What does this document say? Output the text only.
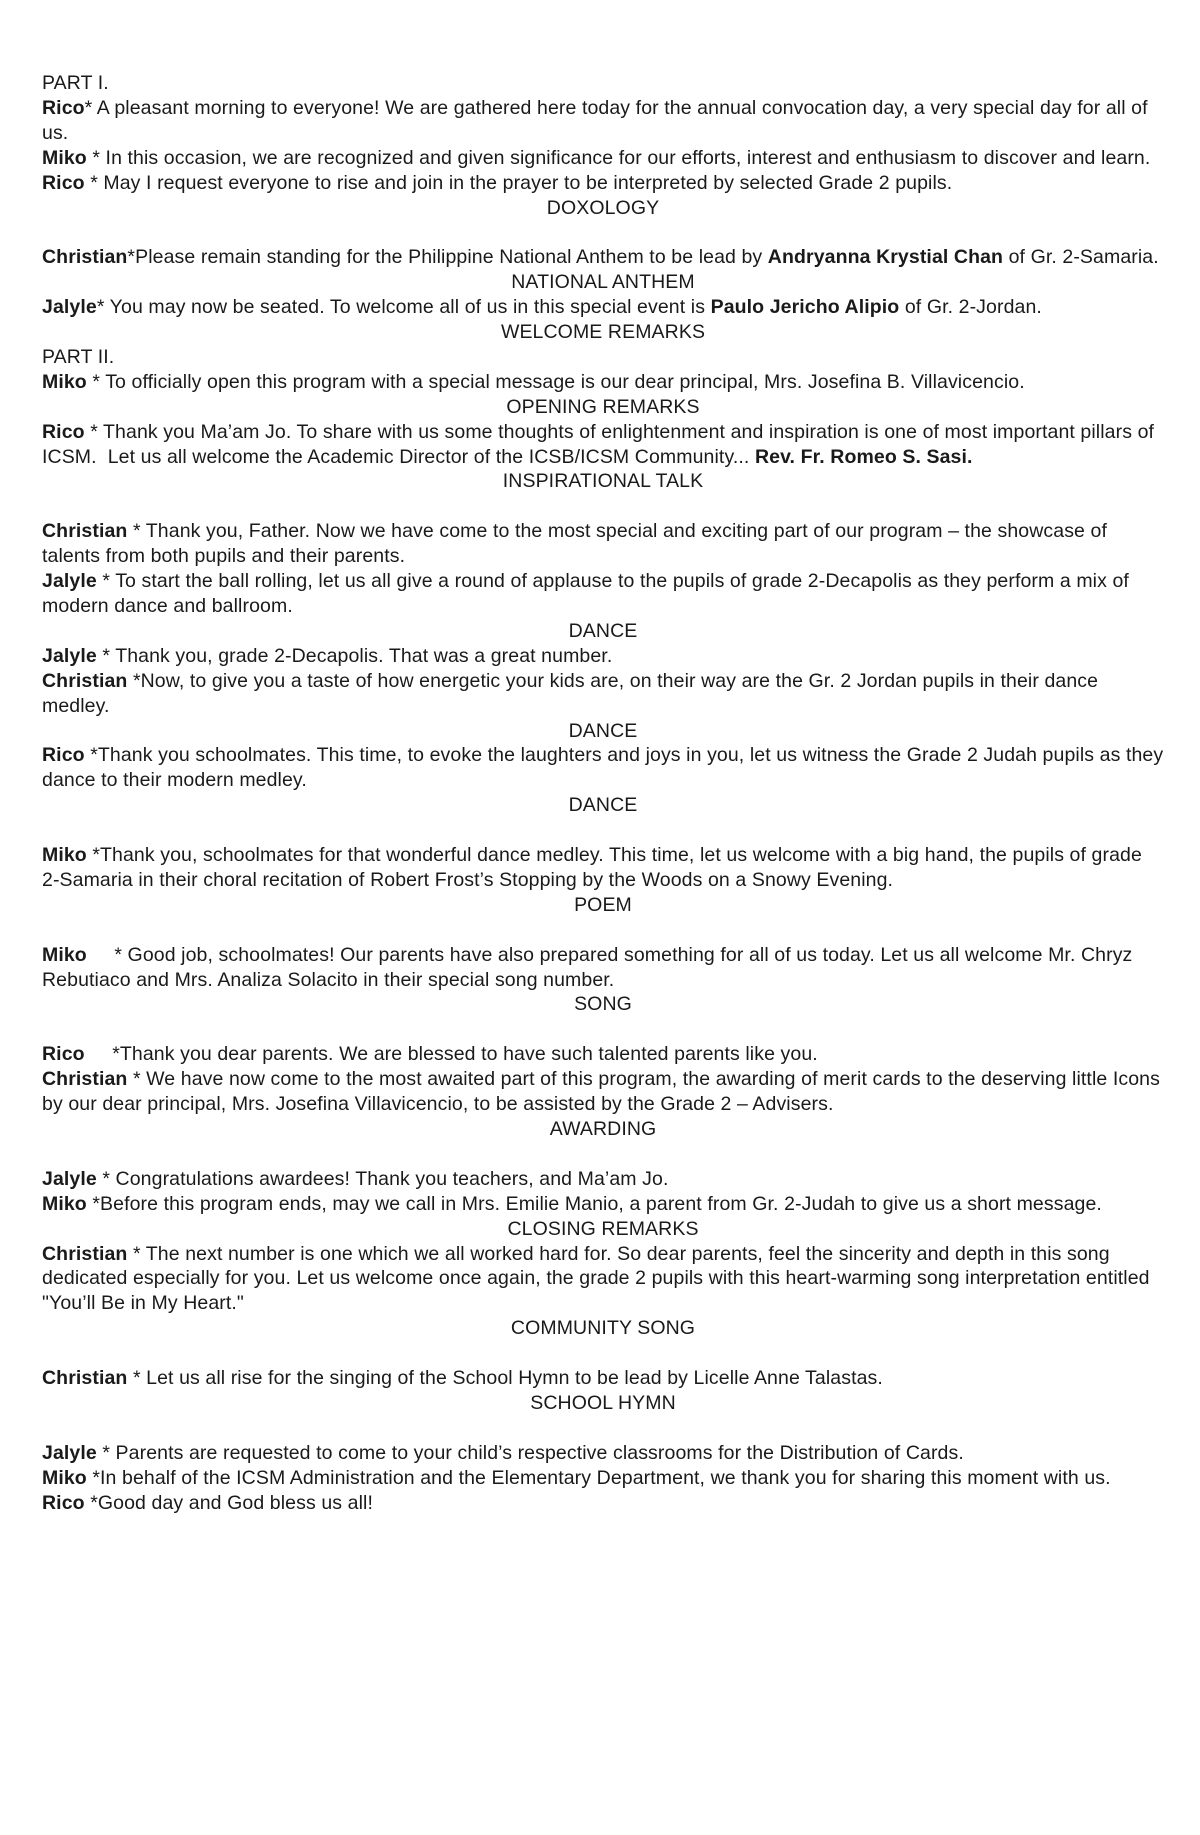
PART I.

Rico* A pleasant morning to everyone! We are gathered here today for the annual convocation day, a very special day for all of us.

Miko * In this occasion, we are recognized and given significance for our efforts, interest and enthusiasm to discover and learn.

Rico * May I request everyone to rise and join in the prayer to be interpreted by selected Grade 2 pupils.

DOXOLOGY

Christian*Please remain standing for the Philippine National Anthem to be lead by Andryanna Krystial Chan of Gr. 2-Samaria.

NATIONAL ANTHEM

Jalyle* You may now be seated. To welcome all of us in this special event is Paulo Jericho Alipio of Gr. 2-Jordan.

WELCOME REMARKS

PART II.

Miko * To officially open this program with a special message is our dear principal, Mrs. Josefina B. Villavicencio.

OPENING REMARKS

Rico * Thank you Ma’am Jo. To share with us some thoughts of enlightenment and inspiration is one of most important pillars of ICSM.  Let us all welcome the Academic Director of the ICSB/ICSM Community... Rev. Fr. Romeo S. Sasi.

INSPIRATIONAL TALK

Christian * Thank you, Father. Now we have come to the most special and exciting part of our program – the showcase of talents from both pupils and their parents.

Jalyle * To start the ball rolling, let us all give a round of applause to the pupils of grade 2-Decapolis as they perform a mix of modern dance and ballroom.

DANCE

Jalyle * Thank you, grade 2-Decapolis. That was a great number.

Christian *Now, to give you a taste of how energetic your kids are, on their way are the Gr. 2 Jordan pupils in their dance medley.

DANCE

Rico *Thank you schoolmates. This time, to evoke the laughters and joys in you, let us witness the Grade 2 Judah pupils as they dance to their modern medley.

DANCE

Miko *Thank you, schoolmates for that wonderful dance medley. This time, let us welcome with a big hand, the pupils of grade 2-Samaria in their choral recitation of Robert Frost’s Stopping by the Woods on a Snowy Evening.

POEM

Miko * Good job, schoolmates! Our parents have also prepared something for all of us today. Let us all welcome Mr. Chryz Rebutiaco and Mrs. Analiza Solacito in their special song number.

SONG

Rico *Thank you dear parents. We are blessed to have such talented parents like you.

Christian * We have now come to the most awaited part of this program, the awarding of merit cards to the deserving little Icons by our dear principal, Mrs. Josefina Villavicencio, to be assisted by the Grade 2 – Advisers.

AWARDING

Jalyle * Congratulations awardees! Thank you teachers, and Ma’am Jo.

Miko *Before this program ends, may we call in Mrs. Emilie Manio, a parent from Gr. 2-Judah to give us a short message.

CLOSING REMARKS

Christian * The next number is one which we all worked hard for. So dear parents, feel the sincerity and depth in this song dedicated especially for you. Let us welcome once again, the grade 2 pupils with this heart-warming song interpretation entitled "You’ll Be in My Heart."

COMMUNITY SONG

Christian * Let us all rise for the singing of the School Hymn to be lead by Licelle Anne Talastas.

SCHOOL HYMN

Jalyle * Parents are requested to come to your child’s respective classrooms for the Distribution of Cards.

Miko *In behalf of the ICSM Administration and the Elementary Department, we thank you for sharing this moment with us.

Rico *Good day and God bless us all!
